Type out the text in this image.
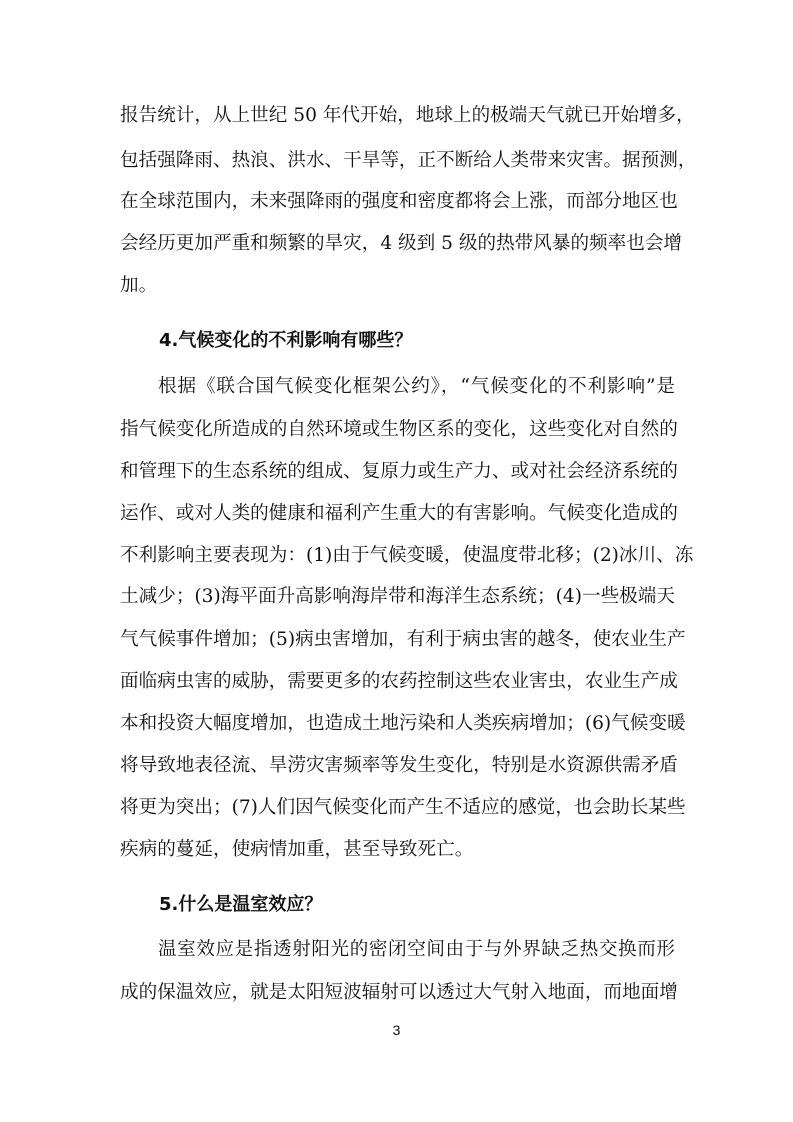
报告统计，从上世纪 50 年代开始，地球上的极端天气就已开始增多，
包括强降雨、热浪、洪水、干旱等，正不断给人类带来灾害。据预测，
在全球范围内，未来强降雨的强度和密度都将会上涨，而部分地区也
会经历更加严重和频繁的旱灾，4 级到 5 级的热带风暴的频率也会增
加。
4.气候变化的不利影响有哪些？
根据《联合国气候变化框架公约》，“气候变化的不利影响”是
指气候变化所造成的自然环境或生物区系的变化，这些变化对自然的
和管理下的生态系统的组成、复原力或生产力、或对社会经济系统的
运作、或对人类的健康和福利产生重大的有害影响。气候变化造成的
不利影响主要表现为：(1)由于气候变暖，使温度带北移；(2)冰川、冻
土减少；(3)海平面升高影响海岸带和海洋生态系统；(4)一些极端天
气气候事件增加；(5)病虫害增加，有利于病虫害的越冬，使农业生产
面临病虫害的威胁，需要更多的农药控制这些农业害虫，农业生产成
本和投资大幅度增加，也造成土地污染和人类疾病增加；(6)气候变暖
将导致地表径流、旱涝灾害频率等发生变化，特别是水资源供需矛盾
将更为突出；(7)人们因气候变化而产生不适应的感觉，也会助长某些
疾病的蔓延，使病情加重，甚至导致死亡。
5.什么是温室效应？
温室效应是指透射阳光的密闭空间由于与外界缺乏热交换而形
成的保温效应，就是太阳短波辐射可以透过大气射入地面，而地面增
3
